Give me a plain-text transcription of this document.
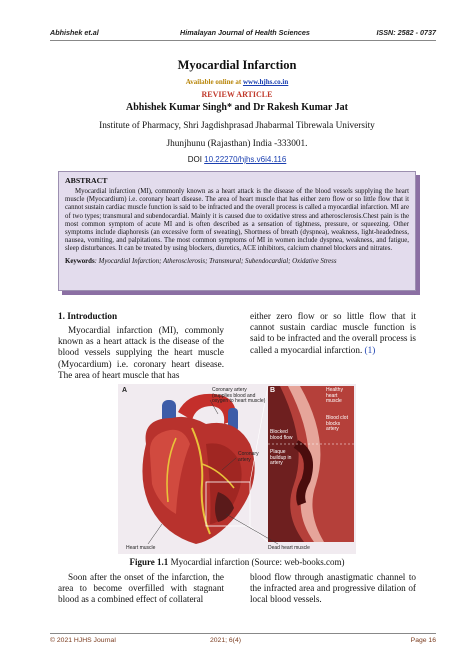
Abhishek et.al	Himalayan Journal of Health Sciences	ISSN: 2582 - 0737
Myocardial Infarction
Available online at www.hjhs.co.in
REVIEW ARTICLE
Abhishek Kumar Singh* and Dr Rakesh Kumar Jat
Institute of Pharmacy, Shri Jagdishprasad Jhabarmal Tibrewala University
Jhunjhunu (Rajasthan) India -333001.
DOI 10.22270/hjhs.v6i4.116
ABSTRACT
Myocardial infarction (MI), commonly known as a heart attack is the disease of the blood vessels supplying the heart muscle (Myocardium) i.e. coronary heart disease. The area of heart muscle that has either zero flow or so little flow that it cannot sustain cardiac muscle function is said to be infracted and the overall process is called a myocardial infarction. MI are of two types; transmural and subendocardial. Mainly it is caused due to oxidative stress and atherosclerosis.Chest pain is the most common symptom of acute MI and is often described as a sensation of tightness, pressure, or squeezing. Other symptoms include diaphoresis (an excessive form of sweating), Shortness of breath (dyspnea), weakness, light-headedness, nausea, vomiting, and palpitations. The most common symptoms of MI in women include dyspnea, weakness, and fatigue, sleep disturbances. It can be treated by using blockers, diuretics, ACE inhibitors, calcium channel blockers and nitrates.
Keywords: Myocardial Infarction; Atherosclerosis; Transmural; Subendocardial; Oxidative Stress
1. Introduction
Myocardial infarction (MI), commonly known as a heart attack is the disease of the blood vessels supplying the heart muscle (Myocardium) i.e. coronary heart disease. The area of heart muscle that has
either zero flow or so little flow that it cannot sustain cardiac muscle function is said to be infracted and the overall process is called a myocardial infarction. (1)
A	B
Coronary artery (supplies blood and oxygen to heart muscle)
Coronary artery
Heart muscle	Dead heart muscle
Healthy heart muscle
Blood clot blocks artery
Blocked blood flow
Plaque buildup in artery
Figure 1.1 Myocardial infarction (Source: web-books.com)
Soon after the onset of the infarction, the area to become overfilled with stagnant blood as a combined effect of collateral
blood flow through anastigmatic channel to the infracted area and progressive dilation of local blood vessels.
© 2021 HJHS Journal	2021; 6(4)	Page 16
